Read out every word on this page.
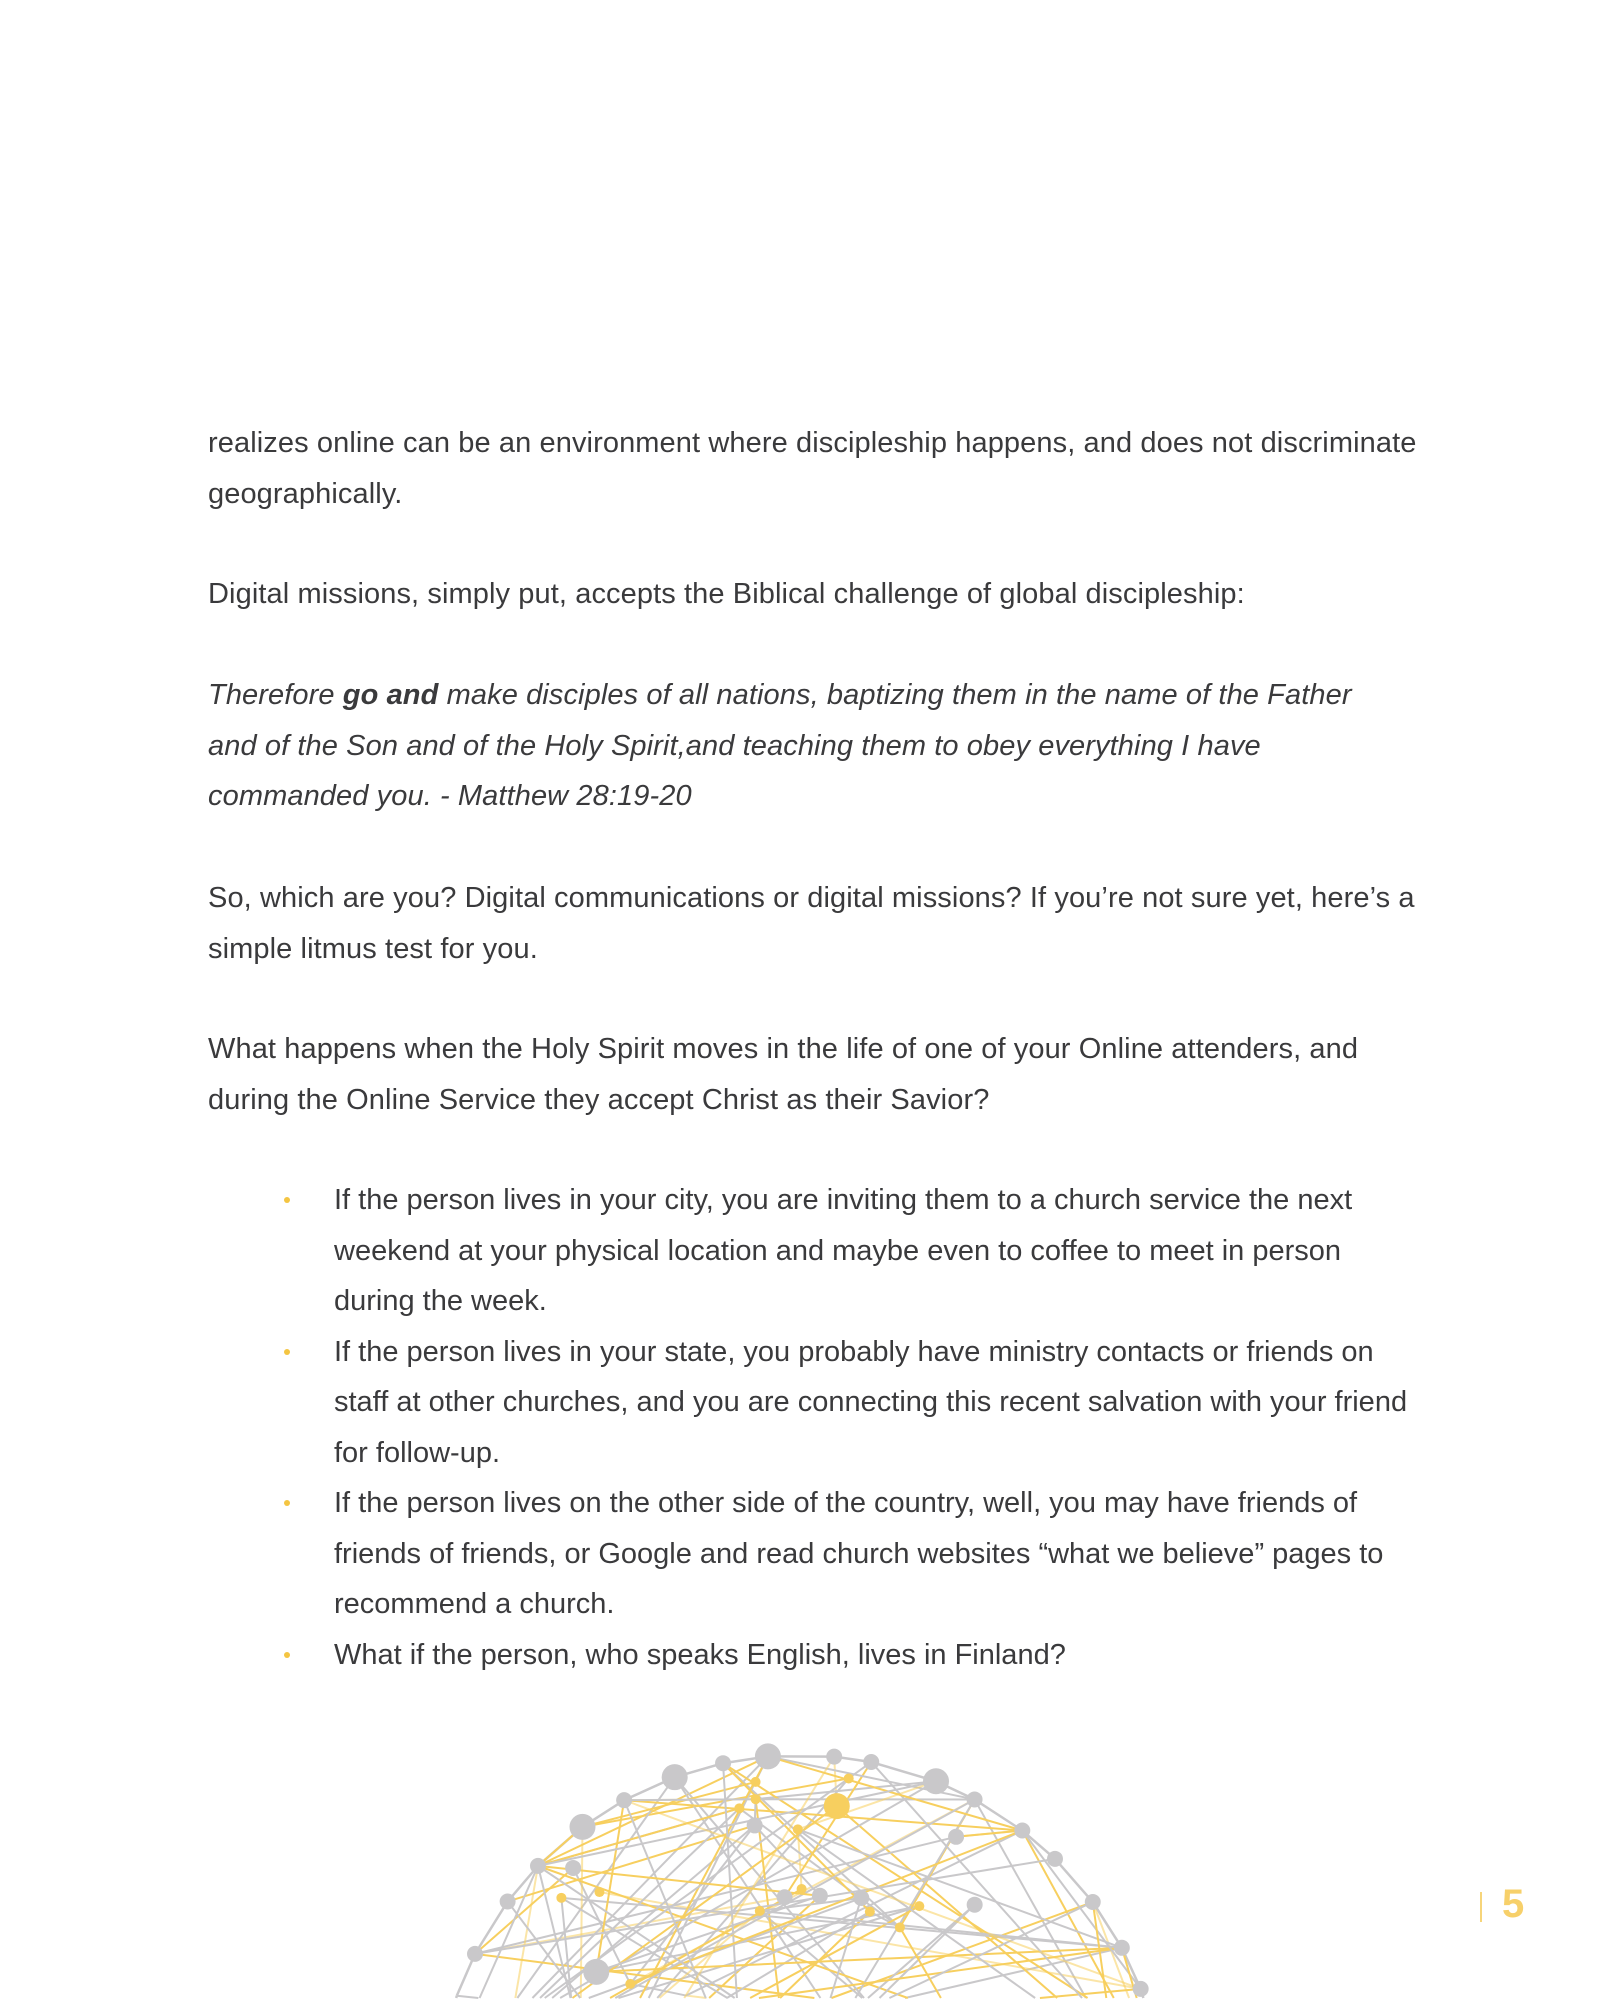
realizes online can be an environment where discipleship happens, and does not discriminate geographically.

Digital missions, simply put, accepts the Biblical challenge of global discipleship:

Therefore go and make disciples of all nations, baptizing them in the name of the Father and of the Son and of the Holy Spirit,and teaching them to obey everything I have commanded you. - Matthew 28:19-20

So, which are you? Digital communications or digital missions? If you’re not sure yet, here’s a simple litmus test for you.

What happens when the Holy Spirit moves in the life of one of your Online attenders, and during the Online Service they accept Christ as their Savior?

If the person lives in your city, you are inviting them to a church service the next weekend at your physical location and maybe even to coffee to meet in person during the week.
If the person lives in your state, you probably have ministry contacts or friends on staff at other churches, and you are connecting this recent salvation with your friend for follow-up.
If the person lives on the other side of the country, well, you may have friends of friends of friends, or Google and read church websites “what we believe” pages to recommend a church.
What if the person, who speaks English, lives in Finland?
5
